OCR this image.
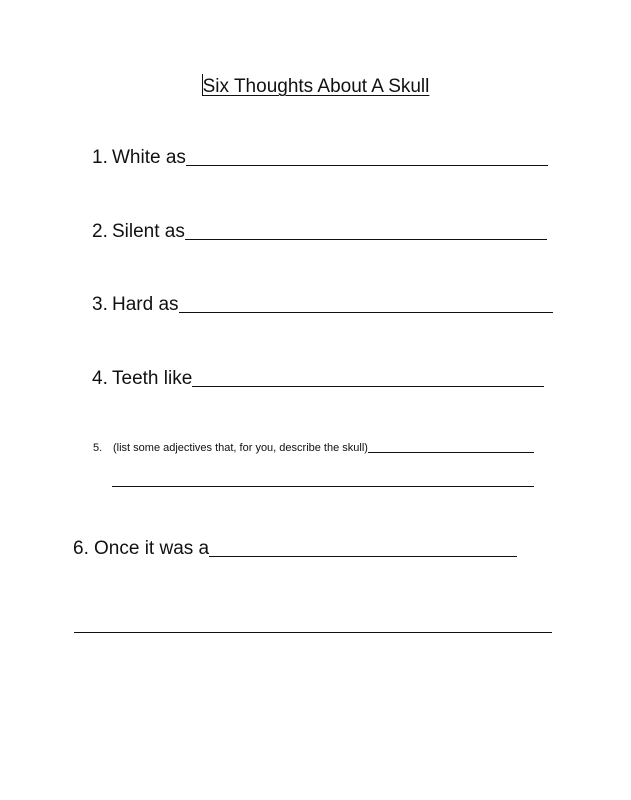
Six Thoughts About A Skull
1. White as
2. Silent as
3. Hard as
4. Teeth like
5. (list some adjectives that, for you, describe the skull)
6. Once it was a
